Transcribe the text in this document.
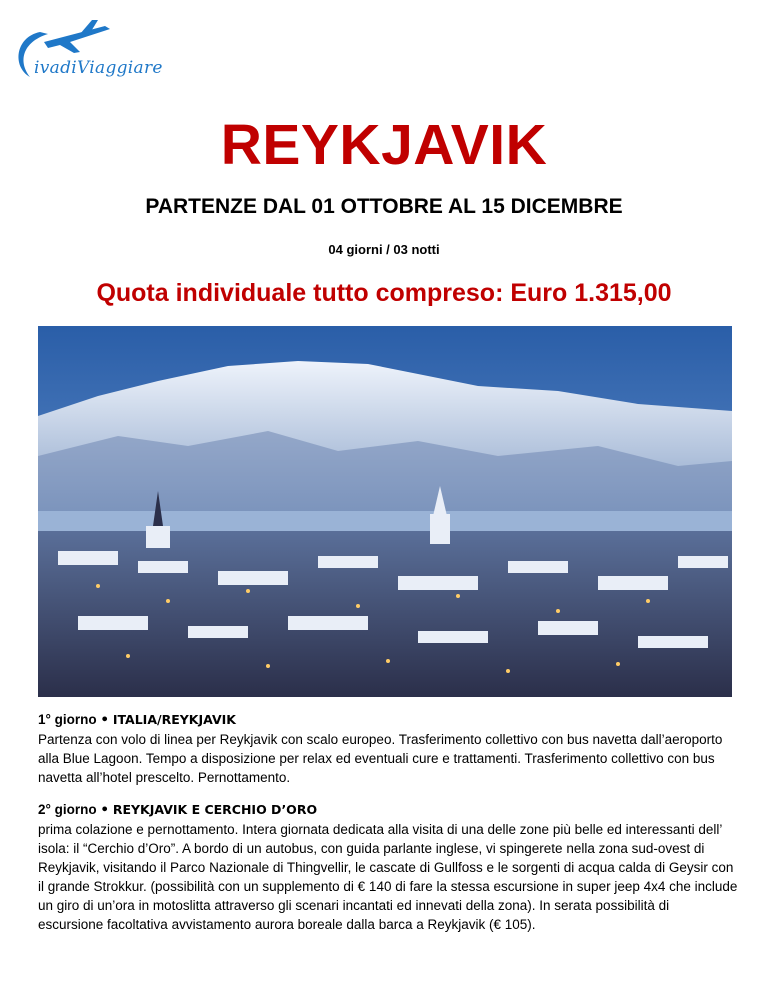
ivadiViaggiare
REYKJAVIK
PARTENZE DAL 01 OTTOBRE AL 15 DICEMBRE
04 giorni / 03 notti
Quota individuale tutto compreso: Euro 1.315,00
1° giorno • ITALIA/REYKJAVIK

Partenza con volo di linea per Reykjavik con scalo europeo. Trasferimento collettivo con bus navetta dall’aeroporto alla Blue Lagoon. Tempo a disposizione per relax ed eventuali cure e trattamenti. Trasferimento collettivo con bus navetta all’hotel prescelto. Pernottamento.

2° giorno • REYKJAVIK E CERCHIO D’ORO

prima colazione e pernottamento. Intera giornata dedicata alla visita di una delle zone più belle ed interessanti dell’ isola: il “Cerchio d’Oro”. A bordo di un autobus, con guida parlante inglese, vi spingerete nella zona sud-ovest di Reykjavik, visitando il Parco Nazionale di Thingvellir, le cascate di Gullfoss e le sorgenti di acqua calda di Geysir con il grande Strokkur. (possibilità con un supplemento di € 140 di fare la stessa escursione in super jeep 4x4 che include un giro di un’ora in motoslitta attraverso gli scenari incantati ed innevati della zona). In serata possibilità di escursione facoltativa avvistamento aurora boreale dalla barca a Reykjavik (€ 105).
